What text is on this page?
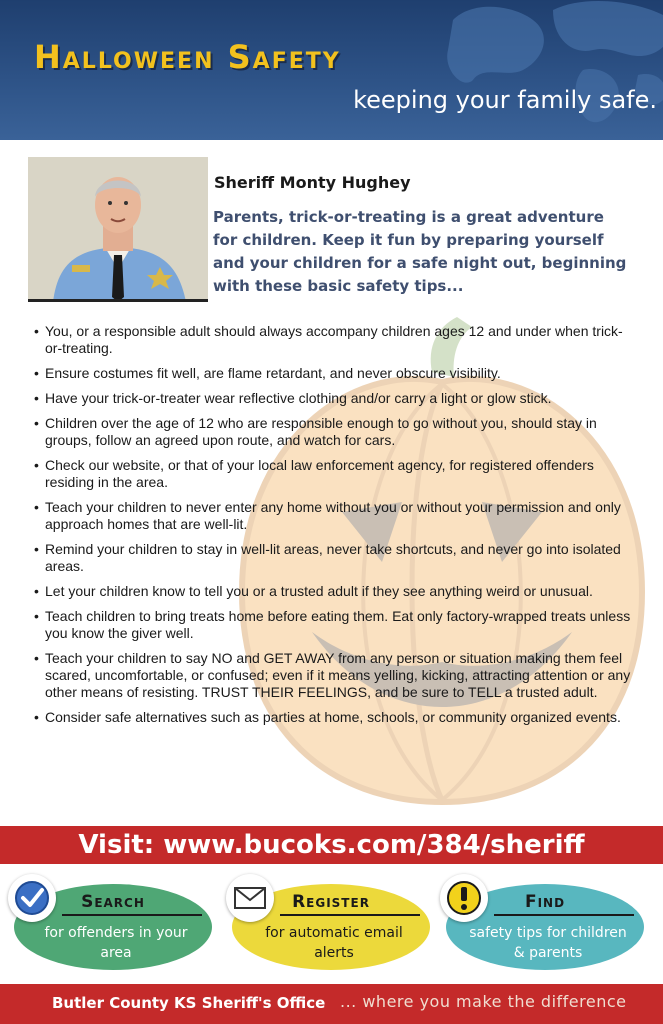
Halloween Safety
keeping your family safe.
Sheriff Monty Hughey
Parents, trick-or-treating is a great adventure for children. Keep it fun by preparing yourself and your children for a safe night out, beginning with these basic safety tips...
• You, or a responsible adult should always accompany children ages 12 and under when trick-or-treating.
• Ensure costumes fit well, are flame retardant, and never obscure visibility.
• Have your trick-or-treater wear reflective clothing and/or carry a light or glow stick.
• Children over the age of 12 who are responsible enough to go without you, should stay in groups, follow an agreed upon route, and watch for cars.
• Check our website, or that of your local law enforcement agency, for registered offenders residing in the area.
• Teach your children to never enter any home without you or without your permission and only approach homes that are well-lit.
• Remind your children to stay in well-lit areas, never take shortcuts, and never go into isolated areas.
• Let your children know to tell you or a trusted adult if they see anything weird or unusual.
• Teach children to bring treats home before eating them. Eat only factory-wrapped treats unless you know the giver well.
• Teach your children to say NO and GET AWAY from any person or situation making them feel scared, uncomfortable, or confused; even if it means yelling, kicking, attracting attention or any other means of resisting. TRUST THEIR FEELINGS, and be sure to TELL a trusted adult.
• Consider safe alternatives such as parties at home, schools, or community organized events.
Visit: www.bucoks.com/384/sheriff
Search
for offenders in your area
Register
for automatic email alerts
Find
safety tips for children & parents
Butler County KS Sheriff's Office ... where you make the difference
